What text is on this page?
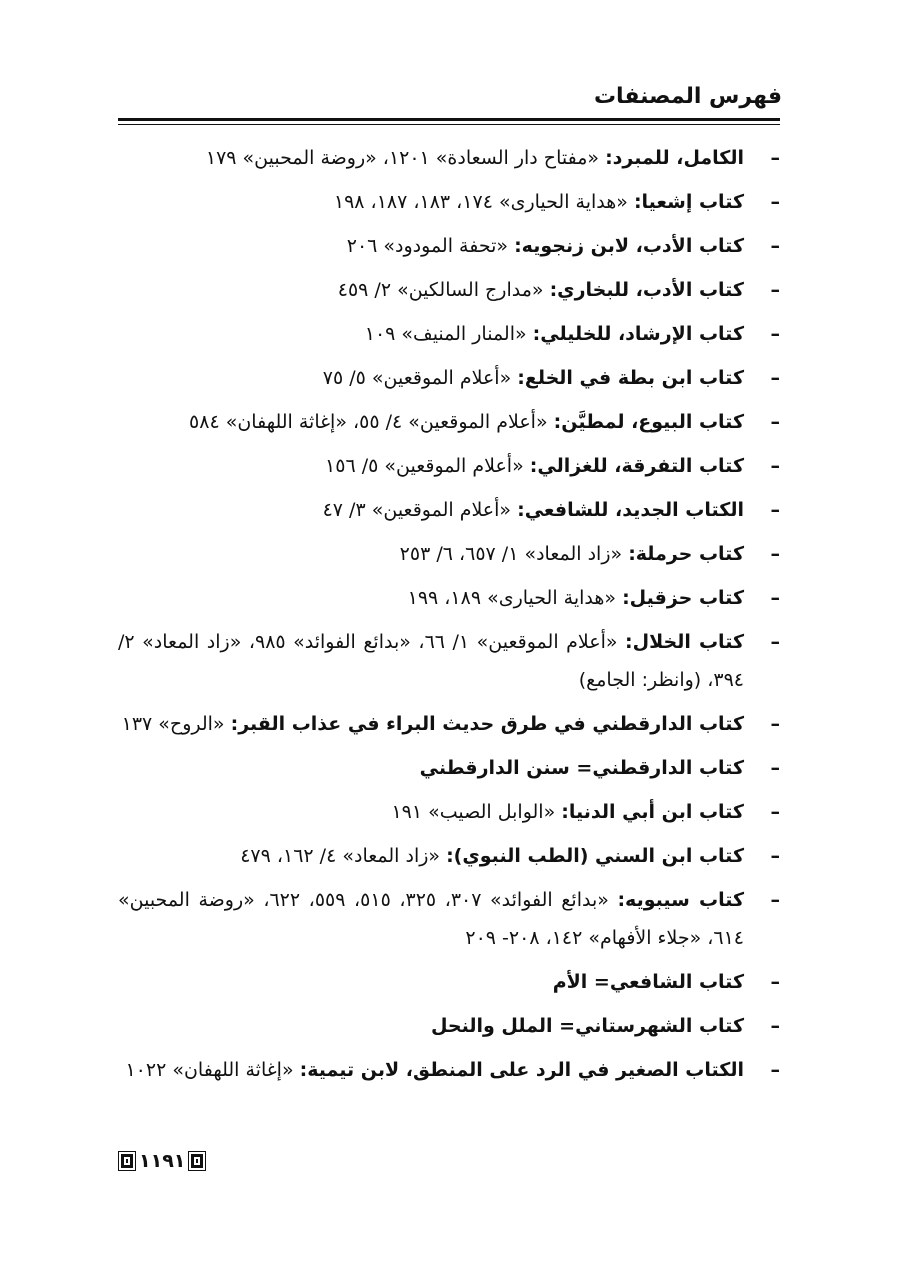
فهرس المصنفات
–
الكامل، للمبرد: «مفتاح دار السعادة» ١٢٠١، «روضة المحبين» ١٧٩
–
كتاب إشعيا: «هداية الحيارى» ١٧٤، ١٨٣، ١٨٧، ١٩٨
–
كتاب الأدب، لابن زنجويه: «تحفة المودود» ٢٠٦
–
كتاب الأدب، للبخاري: «مدارج السالكين» ٢/ ٤٥٩
–
كتاب الإرشاد، للخليلي: «المنار المنيف» ١٠٩
–
كتاب ابن بطة في الخلع: «أعلام الموقعين» ٥/ ٧٥
–
كتاب البيوع، لمطيَّن: «أعلام الموقعين» ٤/ ٥٥، «إغاثة اللهفان» ٥٨٤
–
كتاب التفرقة، للغزالي: «أعلام الموقعين» ٥/ ١٥٦
–
الكتاب الجديد، للشافعي: «أعلام الموقعين» ٣/ ٤٧
–
كتاب حرملة: «زاد المعاد» ١/ ٦٥٧، ٦/ ٢٥٣
–
كتاب حزقيل: «هداية الحيارى» ١٨٩، ١٩٩
–
كتاب الخلال: «أعلام الموقعين» ١/ ٦٦، «بدائع الفوائد» ٩٨٥، «زاد المعاد» ٢/ ٣٩٤، (وانظر: الجامع)
–
كتاب الدارقطني في طرق حديث البراء في عذاب القبر: «الروح» ١٣٧
–
كتاب الدارقطني= سنن الدارقطني
–
كتاب ابن أبي الدنيا: «الوابل الصيب» ١٩١
–
كتاب ابن السني (الطب النبوي): «زاد المعاد» ٤/ ١٦٢، ٤٧٩
–
كتاب سيبويه: «بدائع الفوائد» ٣٠٧، ٣٢٥، ٥١٥، ٥٥٩، ٦٢٢، «روضة المحبين» ٦١٤، «جلاء الأفهام» ١٤٢، ٢٠٨- ٢٠٩
–
كتاب الشافعي= الأم
–
كتاب الشهرستاني= الملل والنحل
–
الكتاب الصغير في الرد على المنطق، لابن تيمية: «إغاثة اللهفان» ١٠٢٢
١١٩١
